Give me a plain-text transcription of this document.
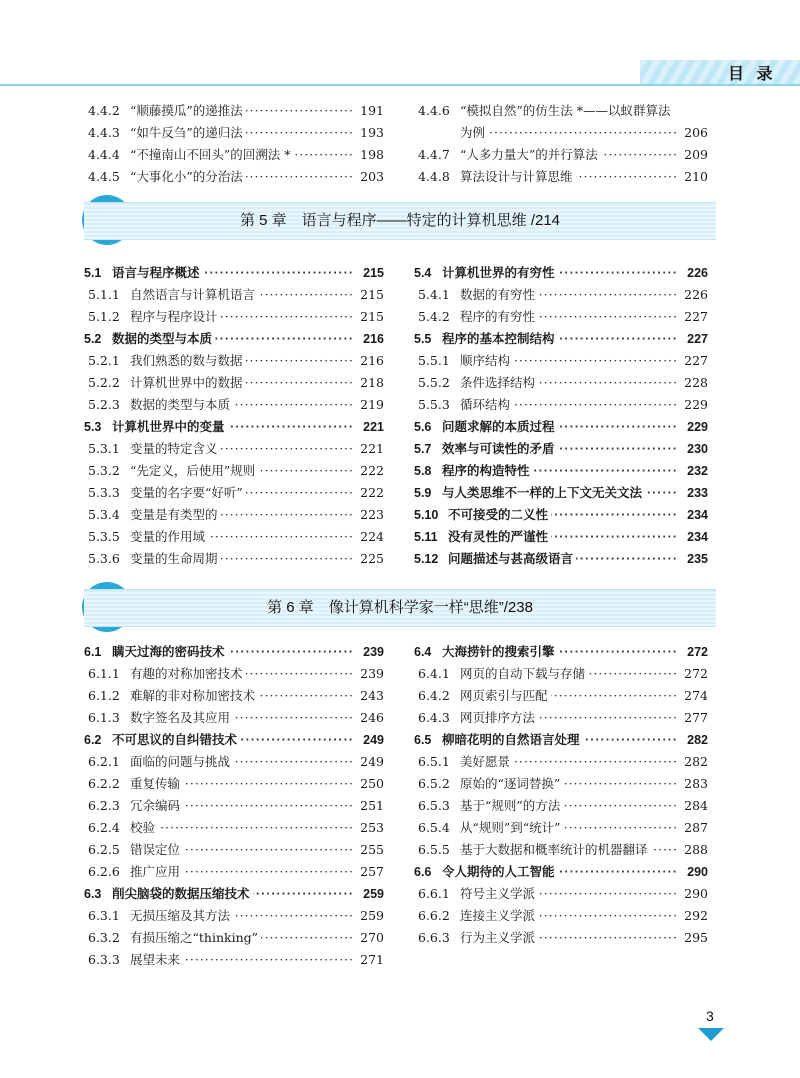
目 录
4.4.2 ····· “顺藤摸瓜”的递推法	191
4.4.3 ····· “如牛反刍”的递归法	193
4.4.4 ····· “不撞南山不回头”的回溯法 *	198
4.4.5 ····· “大事化小”的分治法	203
4.4.6 “模拟自然”的仿生法 *——以蚁群算法
·····
为例	206
4.4.7 ····· “人多力量大”的并行算法	209
4.4.8 ····· 算法设计与计算思维	210
第 5 章　语言与程序——特定的计算机思维 /214
5.1 ····· 语言与程序概述	215
5.1.1 ····· 自然语言与计算机语言	215
5.1.2 ····· 程序与程序设计	215
5.2 ····· 数据的类型与本质	216
5.2.1 ····· 我们熟悉的数与数据	216
5.2.2 ····· 计算机世界中的数据	218
5.2.3 ····· 数据的类型与本质	219
5.3 ····· 计算机世界中的变量	221
5.3.1 ····· 变量的特定含义	221
5.3.2 ····· “先定义，后使用”规则	222
5.3.3 ····· 变量的名字要“好听”	222
5.3.4 ····· 变量是有类型的	223
5.3.5 ····· 变量的作用域	224
5.3.6 ····· 变量的生命周期	225
5.4 ····· 计算机世界的有穷性	226
5.4.1 ····· 数据的有穷性	226
5.4.2 ····· 程序的有穷性	227
5.5 ····· 程序的基本控制结构	227
5.5.1 ····· 顺序结构	227
5.5.2 ····· 条件选择结构	228
5.5.3 ····· 循环结构	229
5.6 ····· 问题求解的本质过程	229
5.7 ····· 效率与可读性的矛盾	230
5.8 ····· 程序的构造特性	232
5.9 ····· 与人类思维不一样的上下文无关文法	233
5.10 ····· 不可接受的二义性	234
5.11 ····· 没有灵性的严谨性	234
5.12 ····· 问题描述与甚高级语言	235
第 6 章　像计算机科学家一样“思维”/238
6.1 ····· 瞒天过海的密码技术	239
6.1.1 ····· 有趣的对称加密技术	239
6.1.2 ····· 难解的非对称加密技术	243
6.1.3 ····· 数字签名及其应用	246
6.2 ····· 不可思议的自纠错技术	249
6.2.1 ····· 面临的问题与挑战	249
6.2.2 ····· 重复传输	250
6.2.3 ····· 冗余编码	251
6.2.4 ····· 校验	253
6.2.5 ····· 错误定位	255
6.2.6 ····· 推广应用	257
6.3 ····· 削尖脑袋的数据压缩技术	259
6.3.1 ····· 无损压缩及其方法	259
6.3.2 ····· 有损压缩之“thinking”	270
6.3.3 ····· 展望未来	271
6.4 ····· 大海捞针的搜索引擎	272
6.4.1 ····· 网页的自动下载与存储	272
6.4.2 ····· 网页索引与匹配	274
6.4.3 ····· 网页排序方法	277
6.5 ····· 柳暗花明的自然语言处理	282
6.5.1 ····· 美好愿景	282
6.5.2 ····· 原始的“逐词替换”	283
6.5.3 ····· 基于“规则”的方法	284
6.5.4 ····· 从“规则”到“统计”	287
6.5.5 ····· 基于大数据和概率统计的机器翻译	288
6.6 ····· 令人期待的人工智能	290
6.6.1 ····· 符号主义学派	290
6.6.2 ····· 连接主义学派	292
6.6.3 ····· 行为主义学派	295
3
